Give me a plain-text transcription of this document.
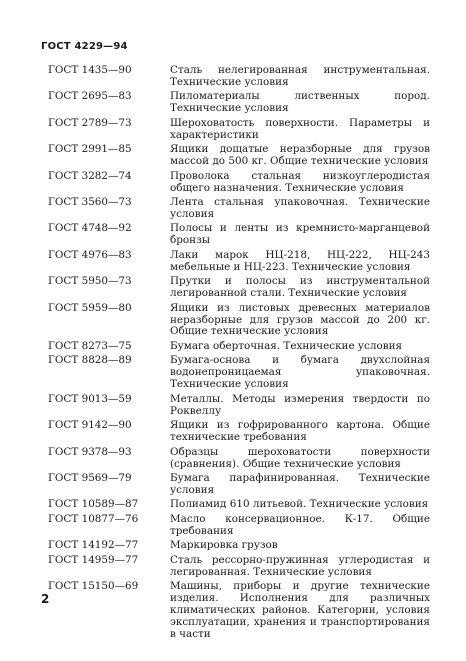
ГОСТ 4229—94
ГОСТ 1435—90	Сталь нелегированная инструментальная. Технические условия
ГОСТ 2695—83	Пиломатериалы лиственных пород. Технические условия
ГОСТ 2789—73	Шероховатость поверхности. Параметры и характеристики
ГОСТ 2991—85	Ящики дощатые неразборные для грузов массой до 500 кг. Общие технические условия
ГОСТ 3282—74	Проволока стальная низкоуглеродистая общего назначения. Технические условия
ГОСТ 3560—73	Лента стальная упаковочная. Технические условия
ГОСТ 4748—92	Полосы и ленты из кремнисто-марганцевой бронзы
ГОСТ 4976—83	Лаки марок НЦ-218, НЦ-222, НЦ-243 мебельные и НЦ-223. Технические условия
ГОСТ 5950—73	Прутки и полосы из инструментальной легированной стали. Технические условия
ГОСТ 5959—80	Ящики из листовых древесных материалов неразборные для грузов массой до 200 кг. Общие технические условия
ГОСТ 8273—75	Бумага оберточная. Технические условия
ГОСТ 8828—89	Бумага-основа и бумага двухслойная водонепроницаемая упаковочная. Технические условия
ГОСТ 9013—59	Металлы. Методы измерения твердости по Роквеллу
ГОСТ 9142—90	Ящики из гофрированного картона. Общие технические требования
ГОСТ 9378—93	Образцы шероховатости поверхности (сравнения). Общие технические условия
ГОСТ 9569—79	Бумага парафинированная. Технические условия
ГОСТ 10589—87	Полиамид 610 литьевой. Технические условия
ГОСТ 10877—76	Масло консервационное. К-17. Общие требования
ГОСТ 14192—77	Маркировка грузов
ГОСТ 14959—77	Сталь рессорно-пружинная углеродистая и легированная. Технические условия
ГОСТ 15150—69	Машины, приборы и другие технические изделия. Исполнения для различных климатических районов. Категории, условия эксплуатации, хранения и транспортирования в части
2
